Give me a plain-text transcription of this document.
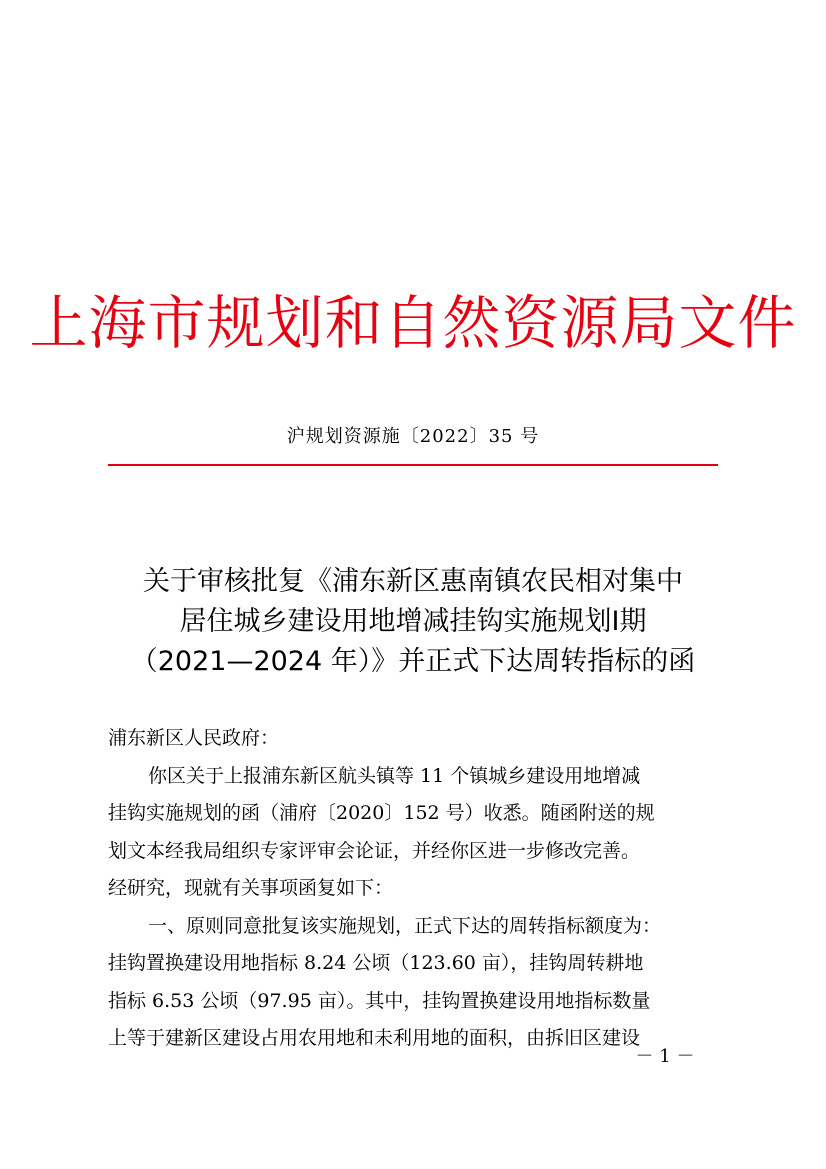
上海市规划和自然资源局文件
沪规划资源施〔2022〕35 号
关于审核批复《浦东新区惠南镇农民相对集中
居住城乡建设用地增减挂钩实施规划Ⅰ期
（2021—2024 年）》并正式下达周转指标的函
浦东新区人民政府：
你区关于上报浦东新区航头镇等 11 个镇城乡建设用地增减
挂钩实施规划的函（浦府〔2020〕152 号）收悉。随函附送的规
划文本经我局组织专家评审会论证，并经你区进一步修改完善。
经研究，现就有关事项函复如下：
一、原则同意批复该实施规划，正式下达的周转指标额度为：
挂钩置换建设用地指标 8.24 公顷（123.60 亩），挂钩周转耕地
指标 6.53 公顷（97.95 亩）。其中，挂钩置换建设用地指标数量
上等于建新区建设占用农用地和未利用地的面积，由拆旧区建设
－ 1 －
